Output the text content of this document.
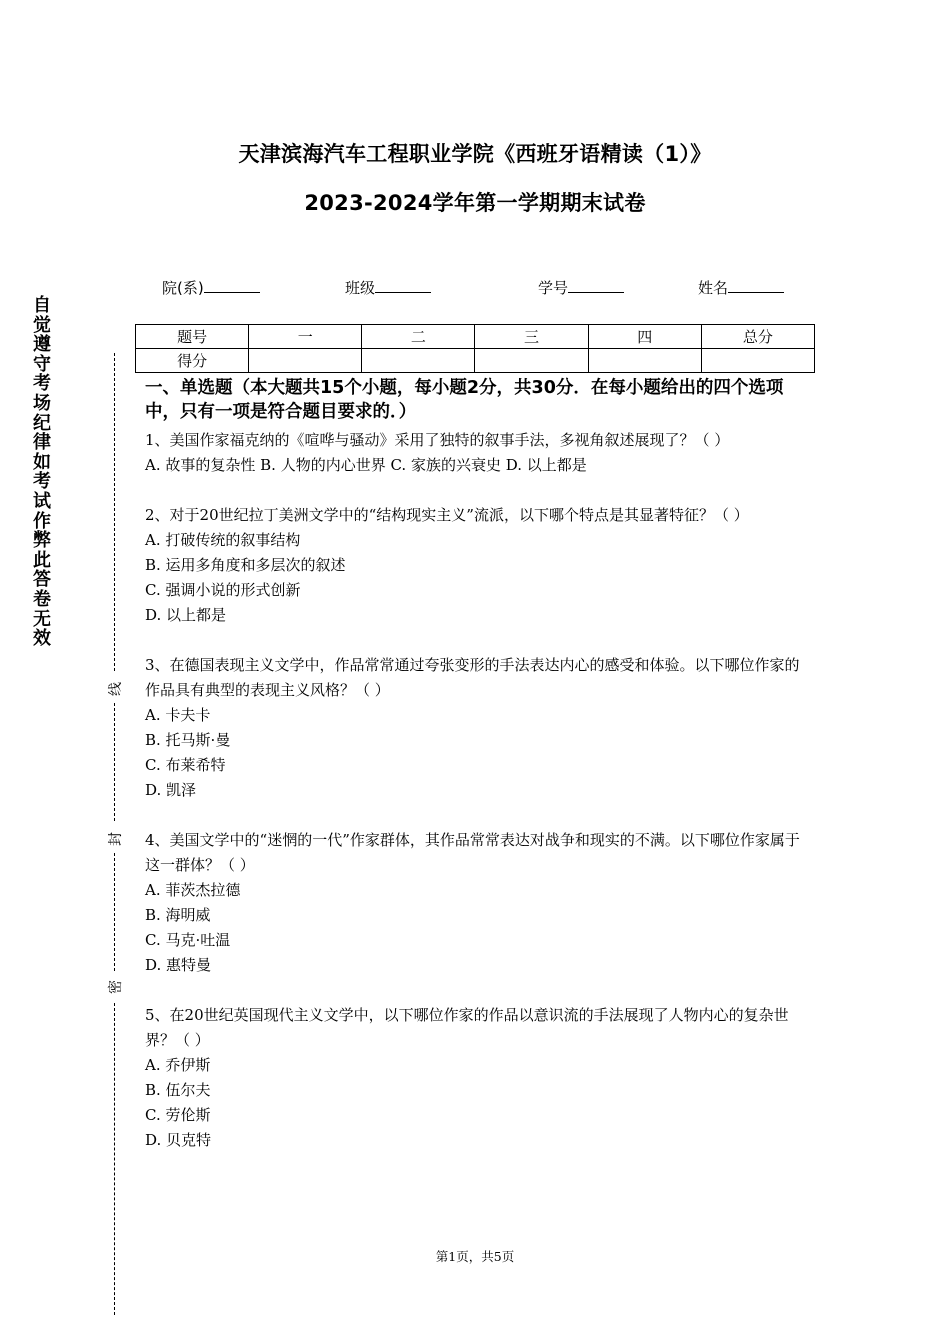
天津滨海汽车工程职业学院《西班牙语精读（1）》
2023-2024学年第一学期期末试卷
院(系)	班级	学号	姓名
题号	一	二	三	四	总分
得分					
自
觉
遵
守
考
场
纪
律
如
考
试
作
弊
此
答
卷
无
效
线
封
密
一、单选题（本大题共15个小题，每小题2分，共30分．在每小题给出的四个选项中，只有一项是符合题目要求的．）

1、美国作家福克纳的《喧哗与骚动》采用了独特的叙事手法，多视角叙述展现了？（ ）

A. 故事的复杂性 B. 人物的内心世界 C. 家族的兴衰史 D. 以上都是

2、对于20世纪拉丁美洲文学中的“结构现实主义”流派，以下哪个特点是其显著特征？（ ）

A. 打破传统的叙事结构

B. 运用多角度和多层次的叙述

C. 强调小说的形式创新

D. 以上都是

3、在德国表现主义文学中，作品常常通过夸张变形的手法表达内心的感受和体验。以下哪位作家的作品具有典型的表现主义风格？（ ）

A. 卡夫卡

B. 托马斯·曼

C. 布莱希特

D. 凯泽

4、美国文学中的“迷惘的一代”作家群体，其作品常常表达对战争和现实的不满。以下哪位作家属于这一群体？（ ）

A. 菲茨杰拉德

B. 海明威

C. 马克·吐温

D. 惠特曼

5、在20世纪英国现代主义文学中，以下哪位作家的作品以意识流的手法展现了人物内心的复杂世界？（ ）

A. 乔伊斯

B. 伍尔夫

C. 劳伦斯

D. 贝克特

第1页，共5页
